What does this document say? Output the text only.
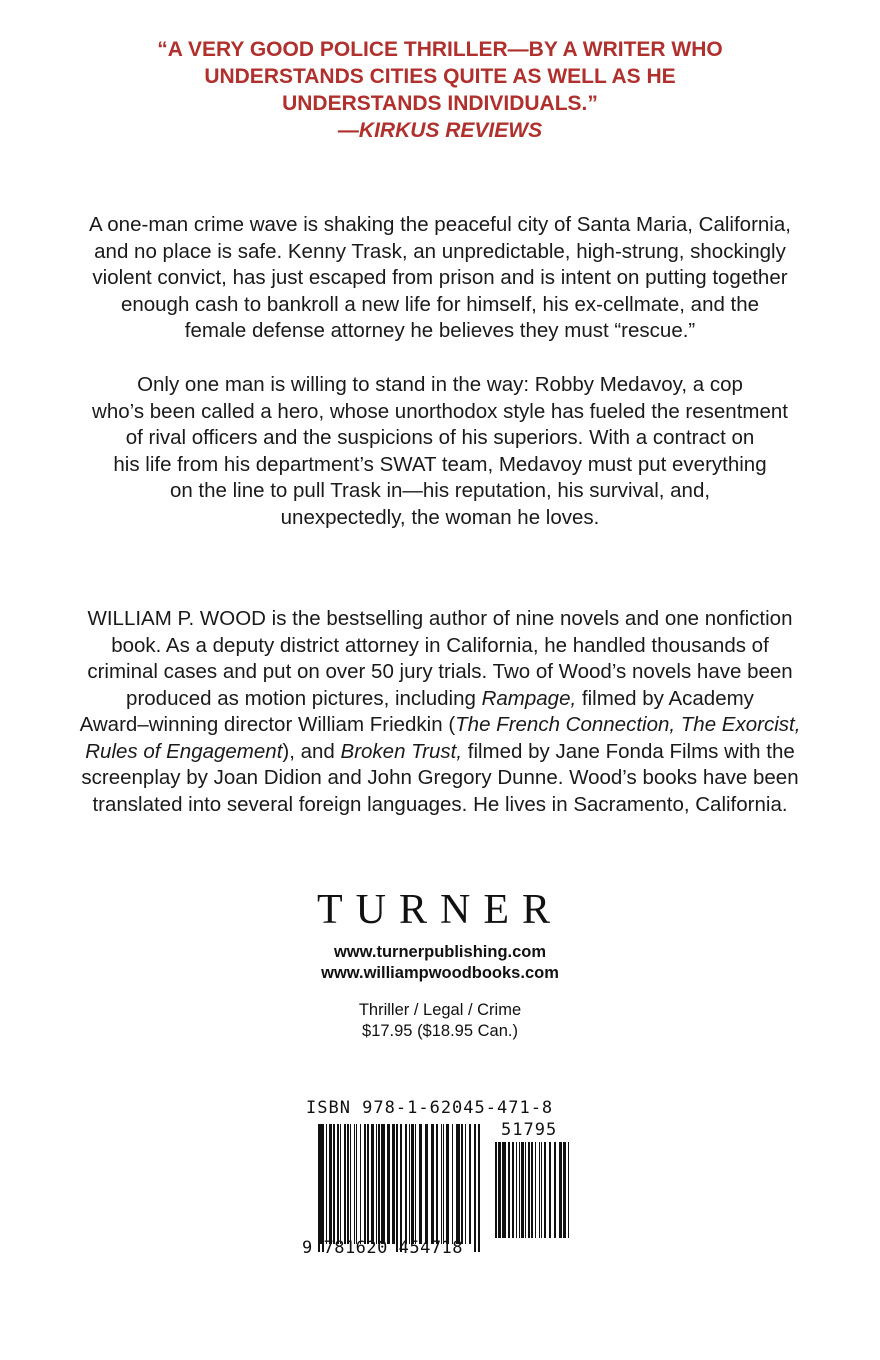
“A VERY GOOD POLICE THRILLER—BY A WRITER WHO
UNDERSTANDS CITIES QUITE AS WELL AS HE
UNDERSTANDS INDIVIDUALS.”
—KIRKUS REVIEWS
A one-man crime wave is shaking the peaceful city of Santa Maria, California,
and no place is safe. Kenny Trask, an unpredictable, high-strung, shockingly
violent convict, has just escaped from prison and is intent on putting together
enough cash to bankroll a new life for himself, his ex-cellmate, and the
female defense attorney he believes they must “rescue.”
Only one man is willing to stand in the way: Robby Medavoy, a cop
who’s been called a hero, whose unorthodox style has fueled the resentment
of rival officers and the suspicions of his superiors. With a contract on
his life from his department’s SWAT team, Medavoy must put everything
on the line to pull Trask in—his reputation, his survival, and,
unexpectedly, the woman he loves.
WILLIAM P. WOOD is the bestselling author of nine novels and one nonfiction
book. As a deputy district attorney in California, he handled thousands of
criminal cases and put on over 50 jury trials. Two of Wood’s novels have been
produced as motion pictures, including Rampage, filmed by Academy
Award–winning director William Friedkin (The French Connection, The Exorcist,
Rules of Engagement), and Broken Trust, filmed by Jane Fonda Films with the
screenplay by Joan Didion and John Gregory Dunne. Wood’s books have been
translated into several foreign languages. He lives in Sacramento, California.
TURNER
www.turnerpublishing.com
www.williampwoodbooks.com
Thriller / Legal / Crime
$17.95 ($18.95 Can.)
ISBN 978-1-62045-471-8
51795
9 781620 454718
